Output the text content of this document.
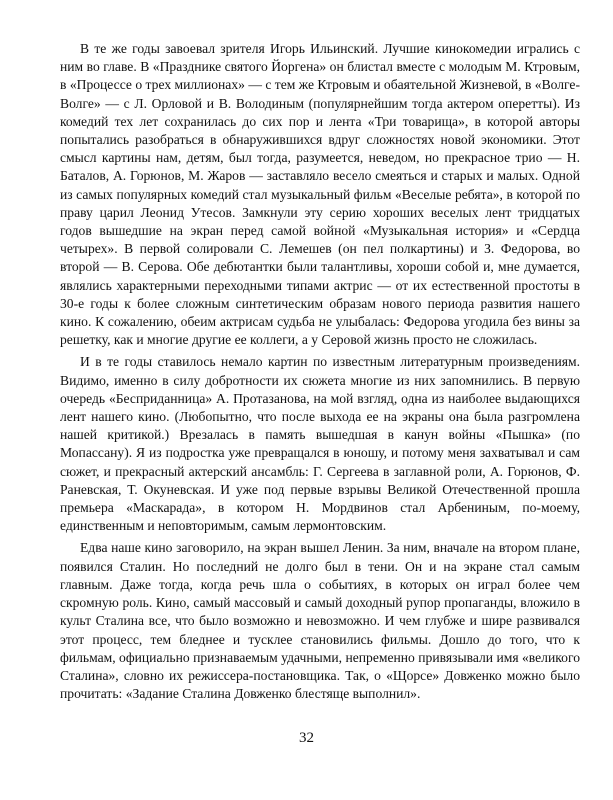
В те же годы завоевал зрителя Игорь Ильинский. Лучшие кинокомедии игрались с ним во главе. В «Празднике святого Йоргена» он блистал вместе с молодым М. Ктровым, в «Процессе о трех миллионах» — с тем же Ктровым и обаятельной Жизневой, в «Волге-Волге» — с Л. Орловой и В. Володиным (популярнейшим тогда актером оперетты). Из комедий тех лет сохранилась до сих пор и лента «Три товарища», в которой авторы попытались разобраться в обнаружившихся вдруг сложностях новой экономики. Этот смысл картины нам, детям, был тогда, разумеется, неведом, но прекрасное трио — Н. Баталов, А. Горюнов, М. Жаров — заставляло весело смеяться и старых и малых. Одной из самых популярных комедий стал музыкальный фильм «Веселые ребята», в которой по праву царил Леонид Утесов. Замкнули эту серию хороших веселых лент тридцатых годов вышедшие на экран перед самой войной «Музыкальная история» и «Сердца четырех». В первой солировали С. Лемешев (он пел полкартины) и З. Федорова, во второй — В. Серова. Обе дебютантки были талантливы, хороши собой и, мне думается, являлись характерными переходными типами актрис — от их естественной простоты в 30-е годы к более сложным синтетическим образам нового периода развития нашего кино. К сожалению, обеим актрисам судьба не улыбалась: Федорова угодила без вины за решетку, как и многие другие ее коллеги, а у Серовой жизнь просто не сложилась.

И в те годы ставилось немало картин по известным литературным произведениям. Видимо, именно в силу добротности их сюжета многие из них запомнились. В первую очередь «Бесприданница» А. Протазанова, на мой взгляд, одна из наиболее выдающихся лент нашего кино. (Любопытно, что после выхода ее на экраны она была разгромлена нашей критикой.) Врезалась в память вышедшая в канун войны «Пышка» (по Мопассану). Я из подростка уже превращался в юношу, и потому меня захватывал и сам сюжет, и прекрасный актерский ансамбль: Г. Сергеева в заглавной роли, А. Горюнов, Ф. Раневская, Т. Окуневская. И уже под первые взрывы Великой Отечественной прошла премьера «Маскарада», в котором Н. Мордвинов стал Арбениным, по-моему, единственным и неповторимым, самым лермонтовским.

Едва наше кино заговорило, на экран вышел Ленин. За ним, вначале на втором плане, появился Сталин. Но последний не долго был в тени. Он и на экране стал самым главным. Даже тогда, когда речь шла о событиях, в которых он играл более чем скромную роль. Кино, самый массовый и самый доходный рупор пропаганды, вложило в культ Сталина все, что было возможно и невозможно. И чем глубже и шире развивался этот процесс, тем бледнее и тусклее становились фильмы. Дошло до того, что к фильмам, официально признаваемым удачными, непременно привязывали имя «великого Сталина», словно их режиссера-постановщика. Так, о «Щорсе» Довженко можно было прочитать: «Задание Сталина Довженко блестяще выполнил».

32
